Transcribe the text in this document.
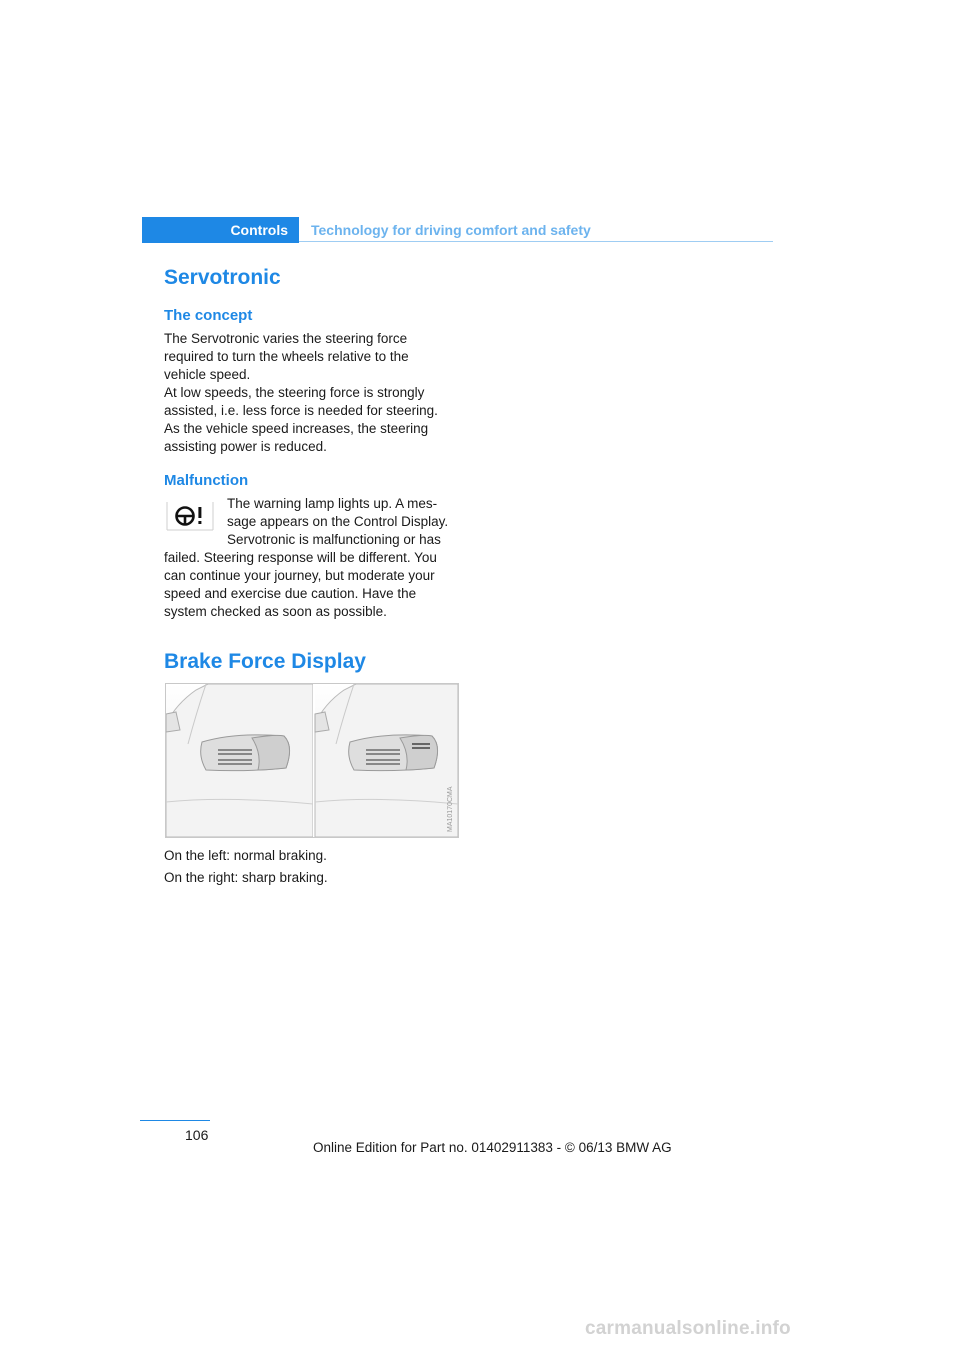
Controls	Technology for driving comfort and safety
Servotronic
The concept

The Servotronic varies the steering force
required to turn the wheels relative to the
vehicle speed.
At low speeds, the steering force is strongly
assisted, i.e. less force is needed for steering.
As the vehicle speed increases, the steering
assisting power is reduced.

Malfunction

The warning lamp lights up. A mes-
sage appears on the Control Display.
Servotronic is malfunctioning or has

failed. Steering response will be different. You
can continue your journey, but moderate your
speed and exercise due caution. Have the
system checked as soon as possible.

Brake Force Display
MA10170CMA

On the left: normal braking.

On the right: sharp braking.

106
Online Edition for Part no. 01402911383 - © 06/13 BMW AG
carmanualsonline.info
